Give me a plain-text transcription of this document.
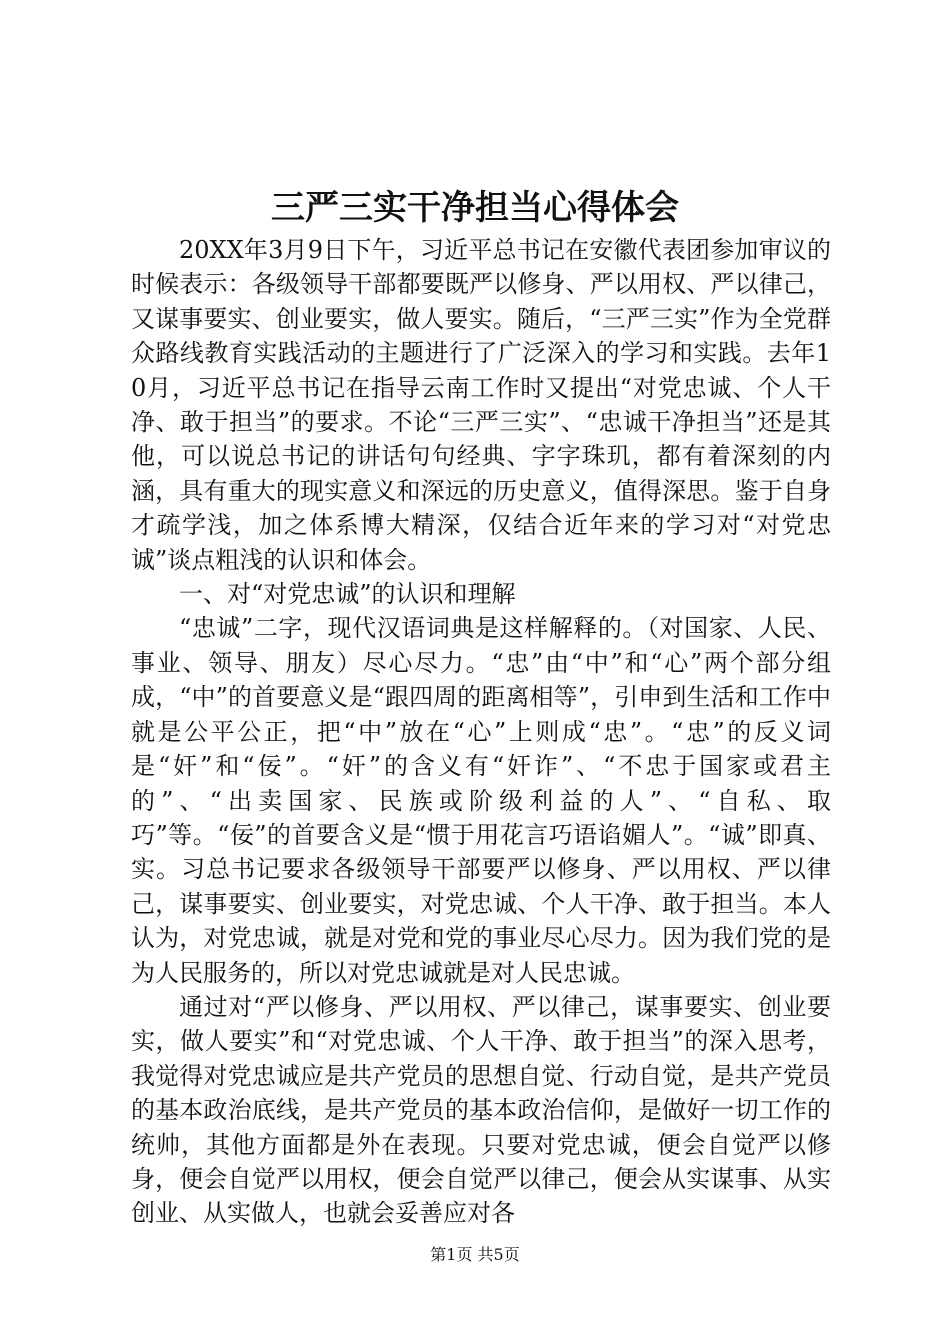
三严三实干净担当心得体会

20XX年3月9日下午，习近平总书记在安徽代表团参加审议的时候表示：各级领导干部都要既严以修身、严以用权、严以律己，又谋事要实、创业要实，做人要实。随后，“三严三实”作为全党群众路线教育实践活动的主题进行了广泛深入的学习和实践。去年10月，习近平总书记在指导云南工作时又提出“对党忠诚、个人干净、敢于担当”的要求。不论“三严三实”、“忠诚干净担当”还是其他，可以说总书记的讲话句句经典、字字珠玑，都有着深刻的内涵，具有重大的现实意义和深远的历史意义，值得深思。鉴于自身才疏学浅，加之体系博大精深，仅结合近年来的学习对“对党忠诚”谈点粗浅的认识和体会。

一、对“对党忠诚”的认识和理解

“忠诚”二字，现代汉语词典是这样解释的。（对国家、人民、事业、领导、朋友）尽心尽力。“忠”由“中”和“心”两个部分组成，“中”的首要意义是“跟四周的距离相等”，引申到生活和工作中就是公平公正，把“中”放在“心”上则成“忠”。“忠”的反义词是“奸”和“佞”。“奸”的含义有“奸诈”、“不忠于国家或君主的”、“出卖国家、民族或阶级利益的人”、“自私、取巧”等。“佞”的首要含义是“惯于用花言巧语谄媚人”。“诚”即真、实。习总书记要求各级领导干部要严以修身、严以用权、严以律己，谋事要实、创业要实，对党忠诚、个人干净、敢于担当。本人认为，对党忠诚，就是对党和党的事业尽心尽力。因为我们党的是为人民服务的，所以对党忠诚就是对人民忠诚。

通过对“严以修身、严以用权、严以律己，谋事要实、创业要实，做人要实”和“对党忠诚、个人干净、敢于担当”的深入思考，我觉得对党忠诚应是共产党员的思想自觉、行动自觉，是共产党员的基本政治底线，是共产党员的基本政治信仰，是做好一切工作的统帅，其他方面都是外在表现。只要对党忠诚，便会自觉严以修身，便会自觉严以用权，便会自觉严以律己，便会从实谋事、从实创业、从实做人，也就会妥善应对各

第1页 共5页
